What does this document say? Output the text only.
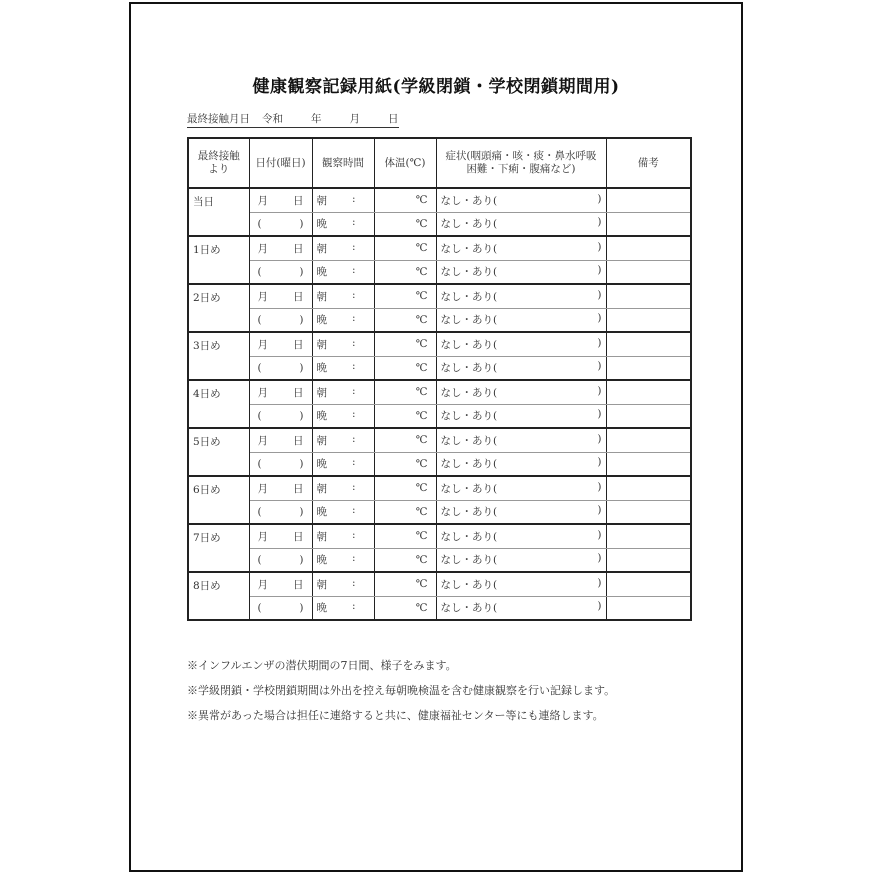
健康観察記録用紙(学級閉鎖・学校閉鎖期間用)
最終接触月日 令和	年	月	日
最終接触より	日付(曜日)	観察時間	体温(℃)	症状(咽頭痛・咳・痰・鼻水呼吸困難・下痢・腹痛など)	備考
当日	月 日	朝 :	℃	なし・あり( )	

	( )	晩 :	℃	なし・あり( )	

1日め	月 日	朝 :	℃	なし・あり( )	

	( )	晩 :	℃	なし・あり( )	

2日め	月 日	朝 :	℃	なし・あり( )	

	( )	晩 :	℃	なし・あり( )	

3日め	月 日	朝 :	℃	なし・あり( )	

	( )	晩 :	℃	なし・あり( )	

4日め	月 日	朝 :	℃	なし・あり( )	

	( )	晩 :	℃	なし・あり( )	

5日め	月 日	朝 :	℃	なし・あり( )	

	( )	晩 :	℃	なし・あり( )	

6日め	月 日	朝 :	℃	なし・あり( )	

	( )	晩 :	℃	なし・あり( )	

7日め	月 日	朝 :	℃	なし・あり( )	

	( )	晩 :	℃	なし・あり( )	

8日め	月 日	朝 :	℃	なし・あり( )	

	( )	晩 :	℃	なし・あり( )	

※インフルエンザの潜伏期間の7日間、様子をみます。
※学級閉鎖・学校閉鎖期間は外出を控え毎朝晩検温を含む健康観察を行い記録します。
※異常があった場合は担任に連絡すると共に、健康福祉センター等にも連絡します。
